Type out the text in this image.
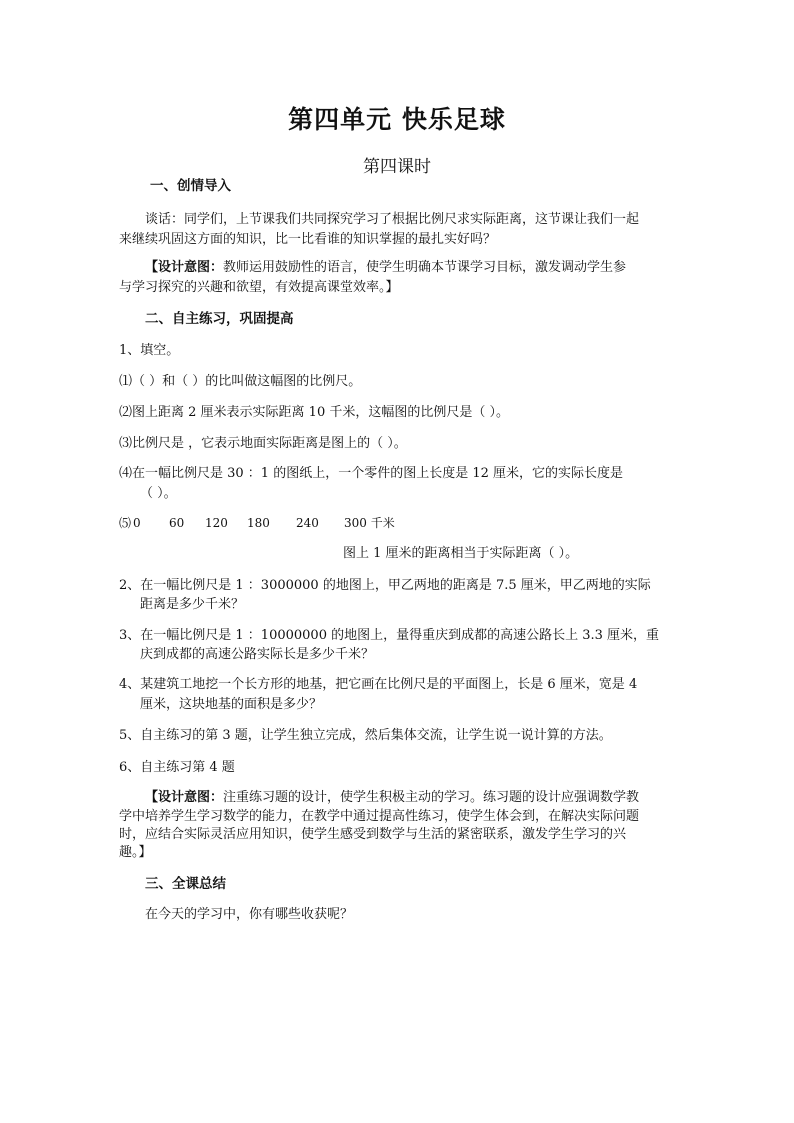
第四单元 快乐足球
第四课时
一、创情导入
谈话：同学们，上节课我们共同探究学习了根据比例尺求实际距离，这节课让我们一起
来继续巩固这方面的知识，比一比看谁的知识掌握的最扎实好吗？
【设计意图：教师运用鼓励性的语言，使学生明确本节课学习目标，激发调动学生参
与学习探究的兴趣和欲望，有效提高课堂效率。】
二、自主练习，巩固提高
1、填空。
⑴（ ）和（ ）的比叫做这幅图的比例尺。
⑵图上距离 2 厘米表示实际距离 10 千米，这幅图的比例尺是（ ）。
⑶比例尺是 ，它表示地面实际距离是图上的（ ）。
⑷在一幅比例尺是 30 ：1 的图纸上，一个零件的图上长度是 12 厘米，它的实际长度是
（ ）。
⑸ 0 60 120 180 240 300 千米
图上 1 厘米的距离相当于实际距离（ ）。
2、在一幅比例尺是 1 ：3000000 的地图上，甲乙两地的距离是 7.5 厘米，甲乙两地的实际
距离是多少千米？
3、在一幅比例尺是 1 ：10000000 的地图上，量得重庆到成都的高速公路长上 3.3 厘米，重
庆到成都的高速公路实际长是多少千米？
4、某建筑工地挖一个长方形的地基，把它画在比例尺是的平面图上，长是 6 厘米，宽是 4
厘米，这块地基的面积是多少？
5、自主练习的第 3 题，让学生独立完成，然后集体交流，让学生说一说计算的方法。
6、自主练习第 4 题
【设计意图：注重练习题的设计，使学生积极主动的学习。练习题的设计应强调数学教
学中培养学生学习数学的能力，在教学中通过提高性练习，使学生体会到，在解决实际问题
时，应结合实际灵活应用知识，使学生感受到数学与生活的紧密联系，激发学生学习的兴
趣。】
三、全课总结
在今天的学习中，你有哪些收获呢？
